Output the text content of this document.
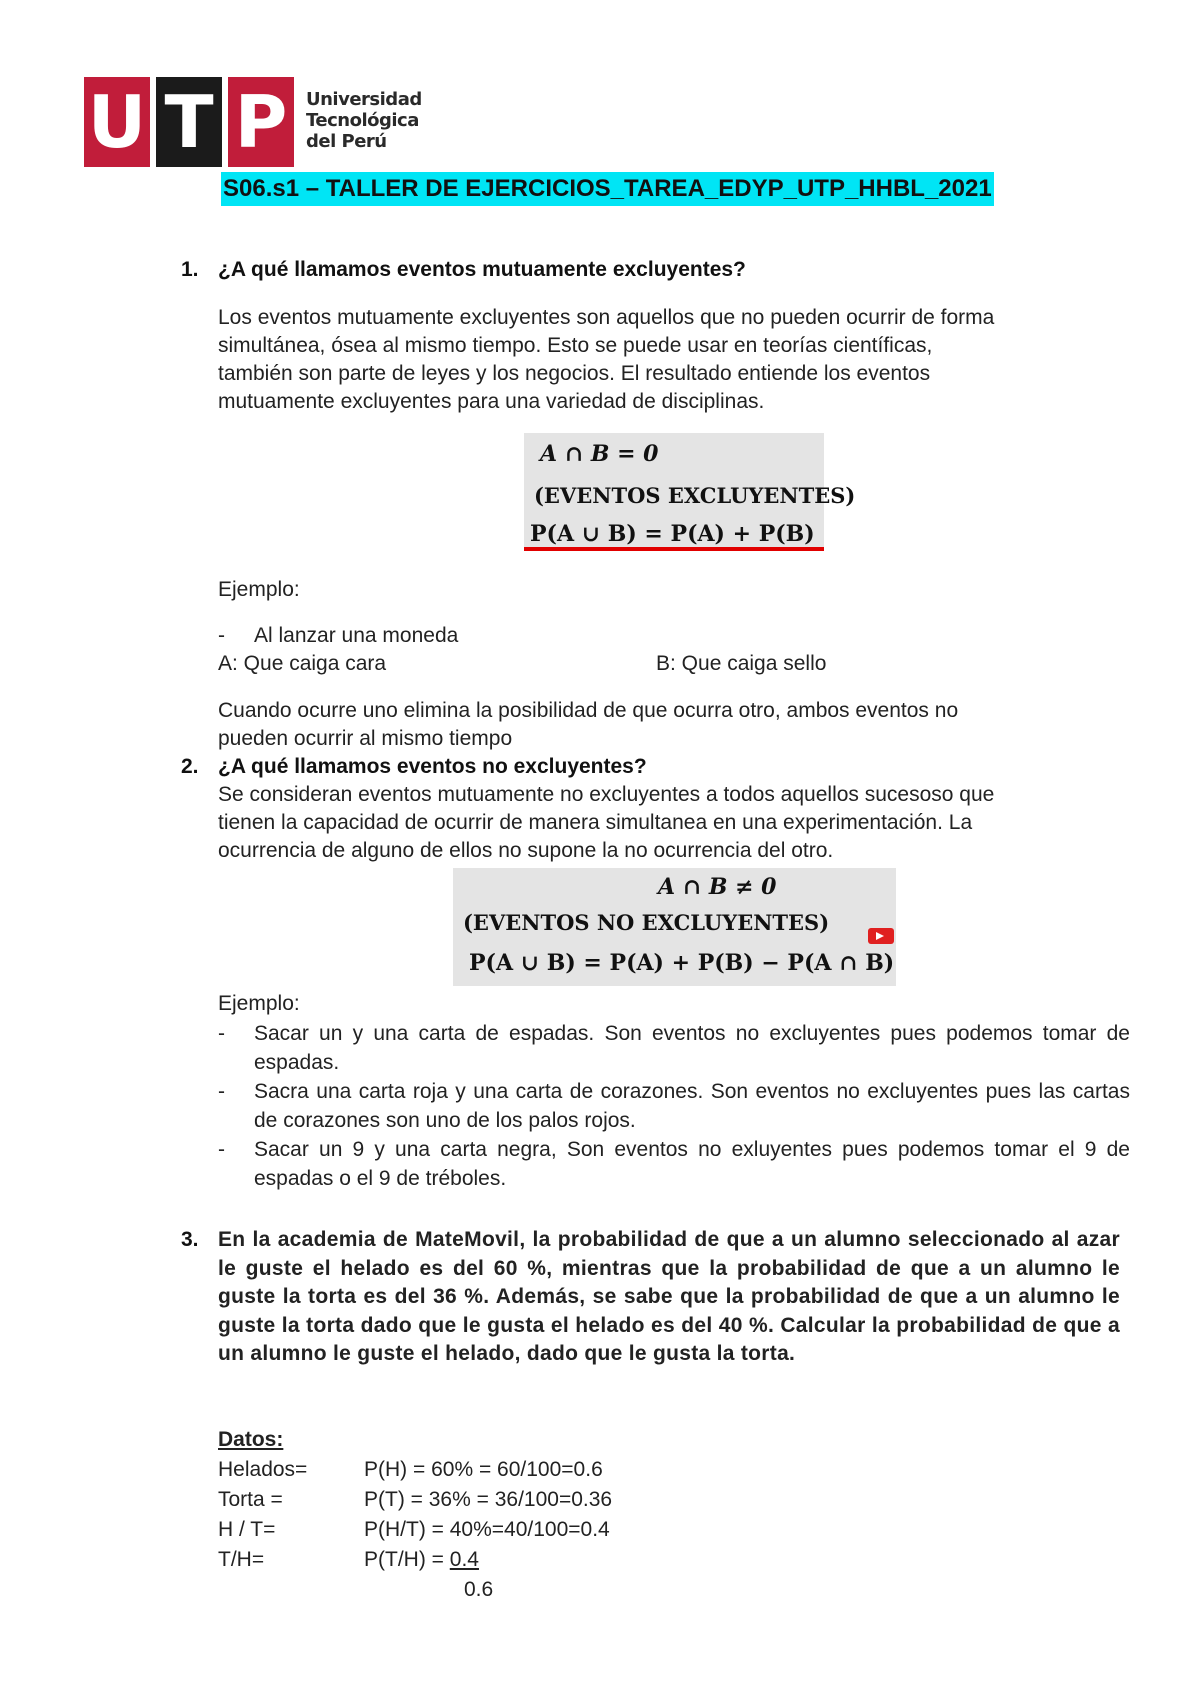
U T P	Universidad
Tecnológica
del Perú
S06.s1 – TALLER DE EJERCICIOS_TAREA_EDYP_UTP_HHBL_2021
1. ¿A qué llamamos eventos mutuamente excluyentes?
Los eventos mutuamente excluyentes son aquellos que no pueden ocurrir de forma
simultánea, ósea al mismo tiempo. Esto se puede usar en teorías científicas,
también son parte de leyes y los negocios. El resultado entiende los eventos
mutuamente excluyentes para una variedad de disciplinas.
A ∩ B = 0
(EVENTOS EXCLUYENTES)
P(A ∪ B) = P(A) + P(B)
Ejemplo:
- Al lanzar una moneda
A: Que caiga cara	B: Que caiga sello
Cuando ocurre uno elimina la posibilidad de que ocurra otro, ambos eventos no
pueden ocurrir al mismo tiempo
2. ¿A qué llamamos eventos no excluyentes?
Se consideran eventos mutuamente no excluyentes a todos aquellos sucesoso que
tienen la capacidad de ocurrir de manera simultanea en una experimentación. La
ocurrencia de alguno de ellos no supone la no ocurrencia del otro.
A ∩ B ≠ 0
(EVENTOS NO EXCLUYENTES)
P(A ∪ B) = P(A) + P(B) − P(A ∩ B)
Ejemplo:
- Sacar un y una carta de espadas. Son eventos no excluyentes pues podemos tomar de espadas.
- Sacra una carta roja y una carta de corazones. Son eventos no excluyentes pues las cartas de corazones son uno de los palos rojos.
- Sacar un 9 y una carta negra, Son eventos no exluyentes pues podemos tomar el 9 de espadas o el 9 de tréboles.
3. En la academia de MateMovil, la probabilidad de que a un alumno seleccionado al azar le guste el helado es del 60 %, mientras que la probabilidad de que a un alumno le guste la torta es del 36 %. Además, se sabe que la probabilidad de que a un alumno le guste la torta dado que le gusta el helado es del 40 %. Calcular la probabilidad de que a un alumno le guste el helado, dado que le gusta la torta.
Datos:
Helados=	P(H) = 60% = 60/100=0.6
Torta =	P(T) = 36% = 36/100=0.36
H / T=	P(H/T) = 40%=40/100=0.4
T/H=	P(T/H) = 0.4
0.6
